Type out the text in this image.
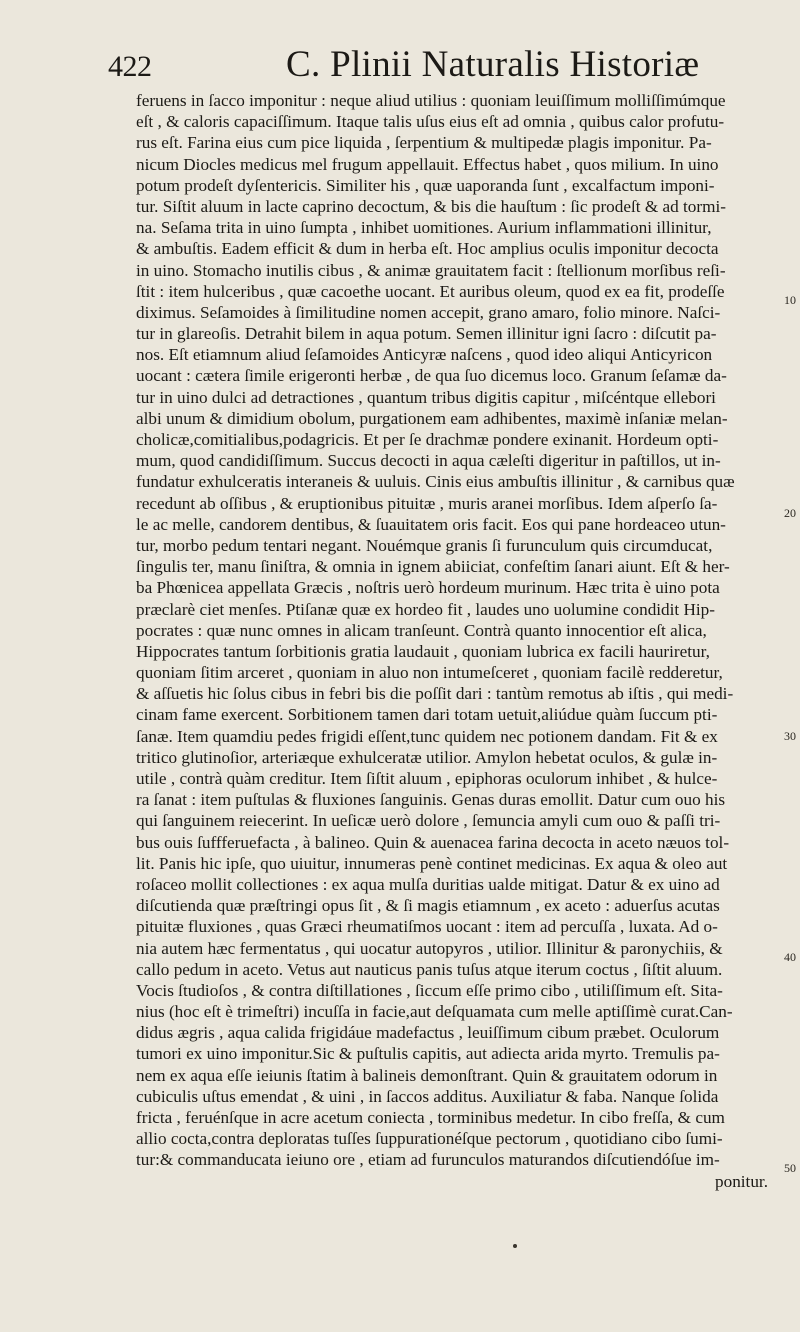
422	C. Plinii Naturalis Historiæ
feruens in ſacco imponitur : neque aliud utilius : quoniam leuiſſimum molliſſimúmque
eſt , & caloris capaciſſimum. Itaque talis uſus eius eſt ad omnia , quibus calor profutu-
rus eſt. Farina eius cum pice liquida , ſerpentium & multipedæ plagis imponitur. Pa-
nicum Diocles medicus mel frugum appellauit. Effectus habet , quos milium. In uino
potum prodeſt dyſentericis. Similiter his , quæ uaporanda ſunt , excalfactum imponi-
tur. Siſtit aluum in lacte caprino decoctum, & bis die hauſtum : ſic prodeſt & ad tormi-
na. Seſama trita in uino ſumpta , inhibet uomitiones. Aurium inflammationi illinitur,
& ambuſtis. Eadem efficit & dum in herba eſt. Hoc amplius oculis imponitur decocta
in uino. Stomacho inutilis cibus , & animæ grauitatem facit : ſtellionum morſibus reſi-
ſtit : item hulceribus , quæ cacoethe uocant. Et auribus oleum, quod ex ea fit, prodeſſe
diximus. Seſamoides à ſimilitudine nomen accepit, grano amaro, folio minore. Naſci-
tur in glareoſis. Detrahit bilem in aqua potum. Semen illinitur igni ſacro : diſcutit pa-
nos. Eſt etiamnum aliud ſeſamoides Anticyræ naſcens , quod ideo aliqui Anticyricon
uocant : cætera ſimile erigeronti herbæ , de qua ſuo dicemus loco. Granum ſeſamæ da-
tur in uino dulci ad detractiones , quantum tribus digitis capitur , miſcéntque ellebori
albi unum & dimidium obolum, purgationem eam adhibentes, maximè inſaniæ melan-
cholicæ,comitialibus,podagricis. Et per ſe drachmæ pondere exinanit. Hordeum opti-
mum, quod candidiſſimum. Succus decocti in aqua cæleſti digeritur in paſtillos, ut in-
fundatur exhulceratis interaneis & uuluis. Cinis eius ambuſtis illinitur , & carnibus quæ
recedunt ab oſſibus , & eruptionibus pituitæ , muris aranei morſibus. Idem aſperſo ſa-
le ac melle, candorem dentibus, & ſuauitatem oris facit. Eos qui pane hordeaceo utun-
tur, morbo pedum tentari negant. Nouémque granis ſi furunculum quis circumducat,
ſingulis ter, manu ſiniſtra, & omnia in ignem abiiciat, confeſtim ſanari aiunt. Eſt & her-
ba Phœnicea appellata Græcis , noſtris uerò hordeum murinum. Hæc trita è uino pota
præclarè ciet menſes. Ptiſanæ quæ ex hordeo fit , laudes uno uolumine condidit Hip-
pocrates : quæ nunc omnes in alicam tranſeunt. Contrà quanto innocentior eſt alica,
Hippocrates tantum ſorbitionis gratia laudauit , quoniam lubrica ex facili hauriretur,
quoniam ſitim arceret , quoniam in aluo non intumeſceret , quoniam facilè redderetur,
& aſſuetis hic ſolus cibus in febri bis die poſſit dari : tantùm remotus ab iſtis , qui medi-
cinam fame exercent. Sorbitionem tamen dari totam uetuit,aliúdue quàm ſuccum pti-
ſanæ. Item quamdiu pedes frigidi eſſent,tunc quidem nec potionem dandam. Fit & ex
tritico glutinoſior, arteriæque exhulceratæ utilior. Amylon hebetat oculos, & gulæ in-
utile , contrà quàm creditur. Item ſiſtit aluum , epiphoras oculorum inhibet , & hulce-
ra ſanat : item puſtulas & fluxiones ſanguinis. Genas duras emollit. Datur cum ouo his
qui ſanguinem reiecerint. In ueſicæ uerò dolore , ſemuncia amyli cum ouo & paſſi tri-
bus ouis ſuffferuefacta , à balineo. Quin & auenacea farina decocta in aceto næuos tol-
lit. Panis hic ipſe, quo uiuitur, innumeras penè continet medicinas. Ex aqua & oleo aut
roſaceo mollit collectiones : ex aqua mulſa duritias ualde mitigat. Datur & ex uino ad
diſcutienda quæ præſtringi opus ſit , & ſi magis etiamnum , ex aceto : aduerſus acutas
pituitæ fluxiones , quas Græci rheumatiſmos uocant : item ad percuſſa , luxata. Ad o-
nia autem hæc fermentatus , qui uocatur autopyros , utilior. Illinitur & paronychiis, &
callo pedum in aceto. Vetus aut nauticus panis tuſus atque iterum coctus , ſiſtit aluum.
Vocis ſtudioſos , & contra diſtillationes , ſiccum eſſe primo cibo , utiliſſimum eſt. Sita-
nius (hoc eſt è trimeſtri) incuſſa in facie,aut deſquamata cum melle aptiſſimè curat.Can-
didus ægris , aqua calida frigidáue madefactus , leuiſſimum cibum præbet. Oculorum
tumori ex uino imponitur.Sic & puſtulis capitis, aut adiecta arida myrto. Tremulis pa-
nem ex aqua eſſe ieiunis ſtatim à balineis demonſtrant. Quin & grauitatem odorum in
cubiculis uſtus emendat , & uini , in ſaccos additus. Auxiliatur & faba. Nanque ſolida
fricta , feruénſque in acre acetum coniecta , torminibus medetur. In cibo freſſa, & cum
allio cocta,contra deploratas tuſſes ſuppurationéſque pectorum , quotidiano cibo ſumi-
tur:& commanducata ieiuno ore , etiam ad furunculos maturandos diſcutiendóſue im-
ponitur.
10
20
30
40
50
